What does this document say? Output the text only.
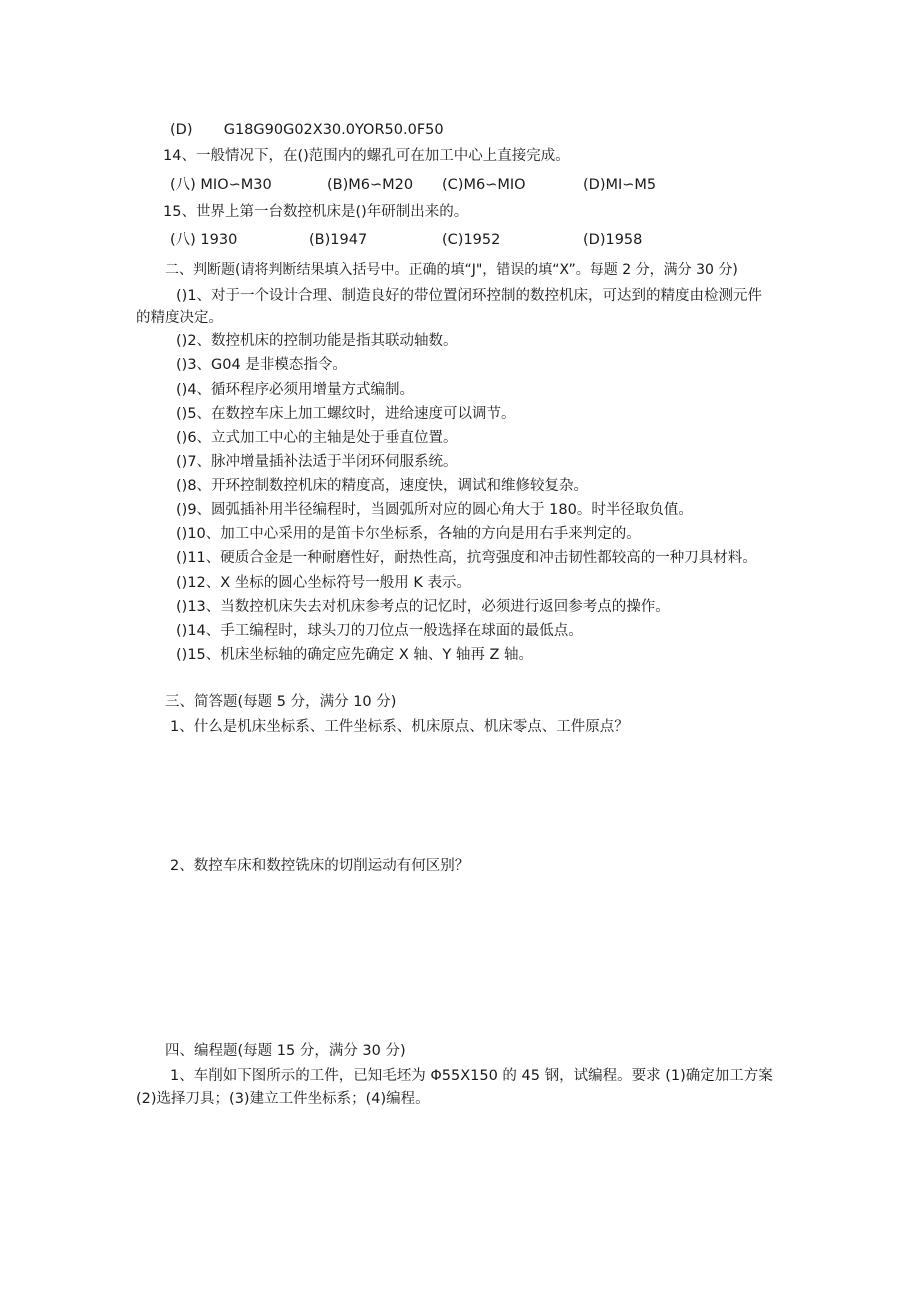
(D) G18G90G02X30.0YOR50.0F50
14、一般情况下，在()范围内的螺孔可在加工中心上直接完成。
(八) MIO∽M30	(B)M6∽M20 (C)M6∽MIO	(D)MI∽M5
15、世界上第一台数控机床是()年研制出来的。
(八) 1930	(B)1947	(C)1952	(D)1958
二、判断题(请将判断结果填入括号中。正确的填“J"，错误的填“X”。每题 2 分，满分 30 分)
()1、对于一个设计合理、制造良好的带位置闭环控制的数控机床，可达到的精度由检测元件
的精度决定。
()2、数控机床的控制功能是指其联动轴数。
()3、G04 是非模态指令。
()4、循环程序必须用增量方式编制。
()5、在数控车床上加工螺纹时，进给速度可以调节。
()6、立式加工中心的主轴是处于垂直位置。
()7、脉冲增量插补法适于半闭环伺服系统。
()8、开环控制数控机床的精度高，速度快，调试和维修较复杂。
()9、圆弧插补用半径编程时，当圆弧所对应的圆心角大于 180。时半径取负值。
()10、加工中心采用的是笛卡尔坐标系，各轴的方向是用右手来判定的。
()11、硬质合金是一种耐磨性好，耐热性高，抗弯强度和冲击韧性都较高的一种刀具材料。
()12、X 坐标的圆心坐标符号一般用 K 表示。
()13、当数控机床失去对机床参考点的记忆时，必须进行返回参考点的操作。
()14、手工编程时，球头刀的刀位点一般选择在球面的最低点。
()15、机床坐标轴的确定应先确定 X 轴、Y 轴再 Z 轴。
三、简答题(每题 5 分，满分 10 分)
1、什么是机床坐标系、工件坐标系、机床原点、机床零点、工件原点？
2、数控车床和数控铣床的切削运动有何区别？
四、编程题(每题 15 分，满分 30 分)
1、车削如下图所示的工件，已知毛坯为 Φ55X150 的 45 钢，试编程。要求 (1)确定加工方案
(2)选择刀具；(3)建立工件坐标系；(4)编程。
